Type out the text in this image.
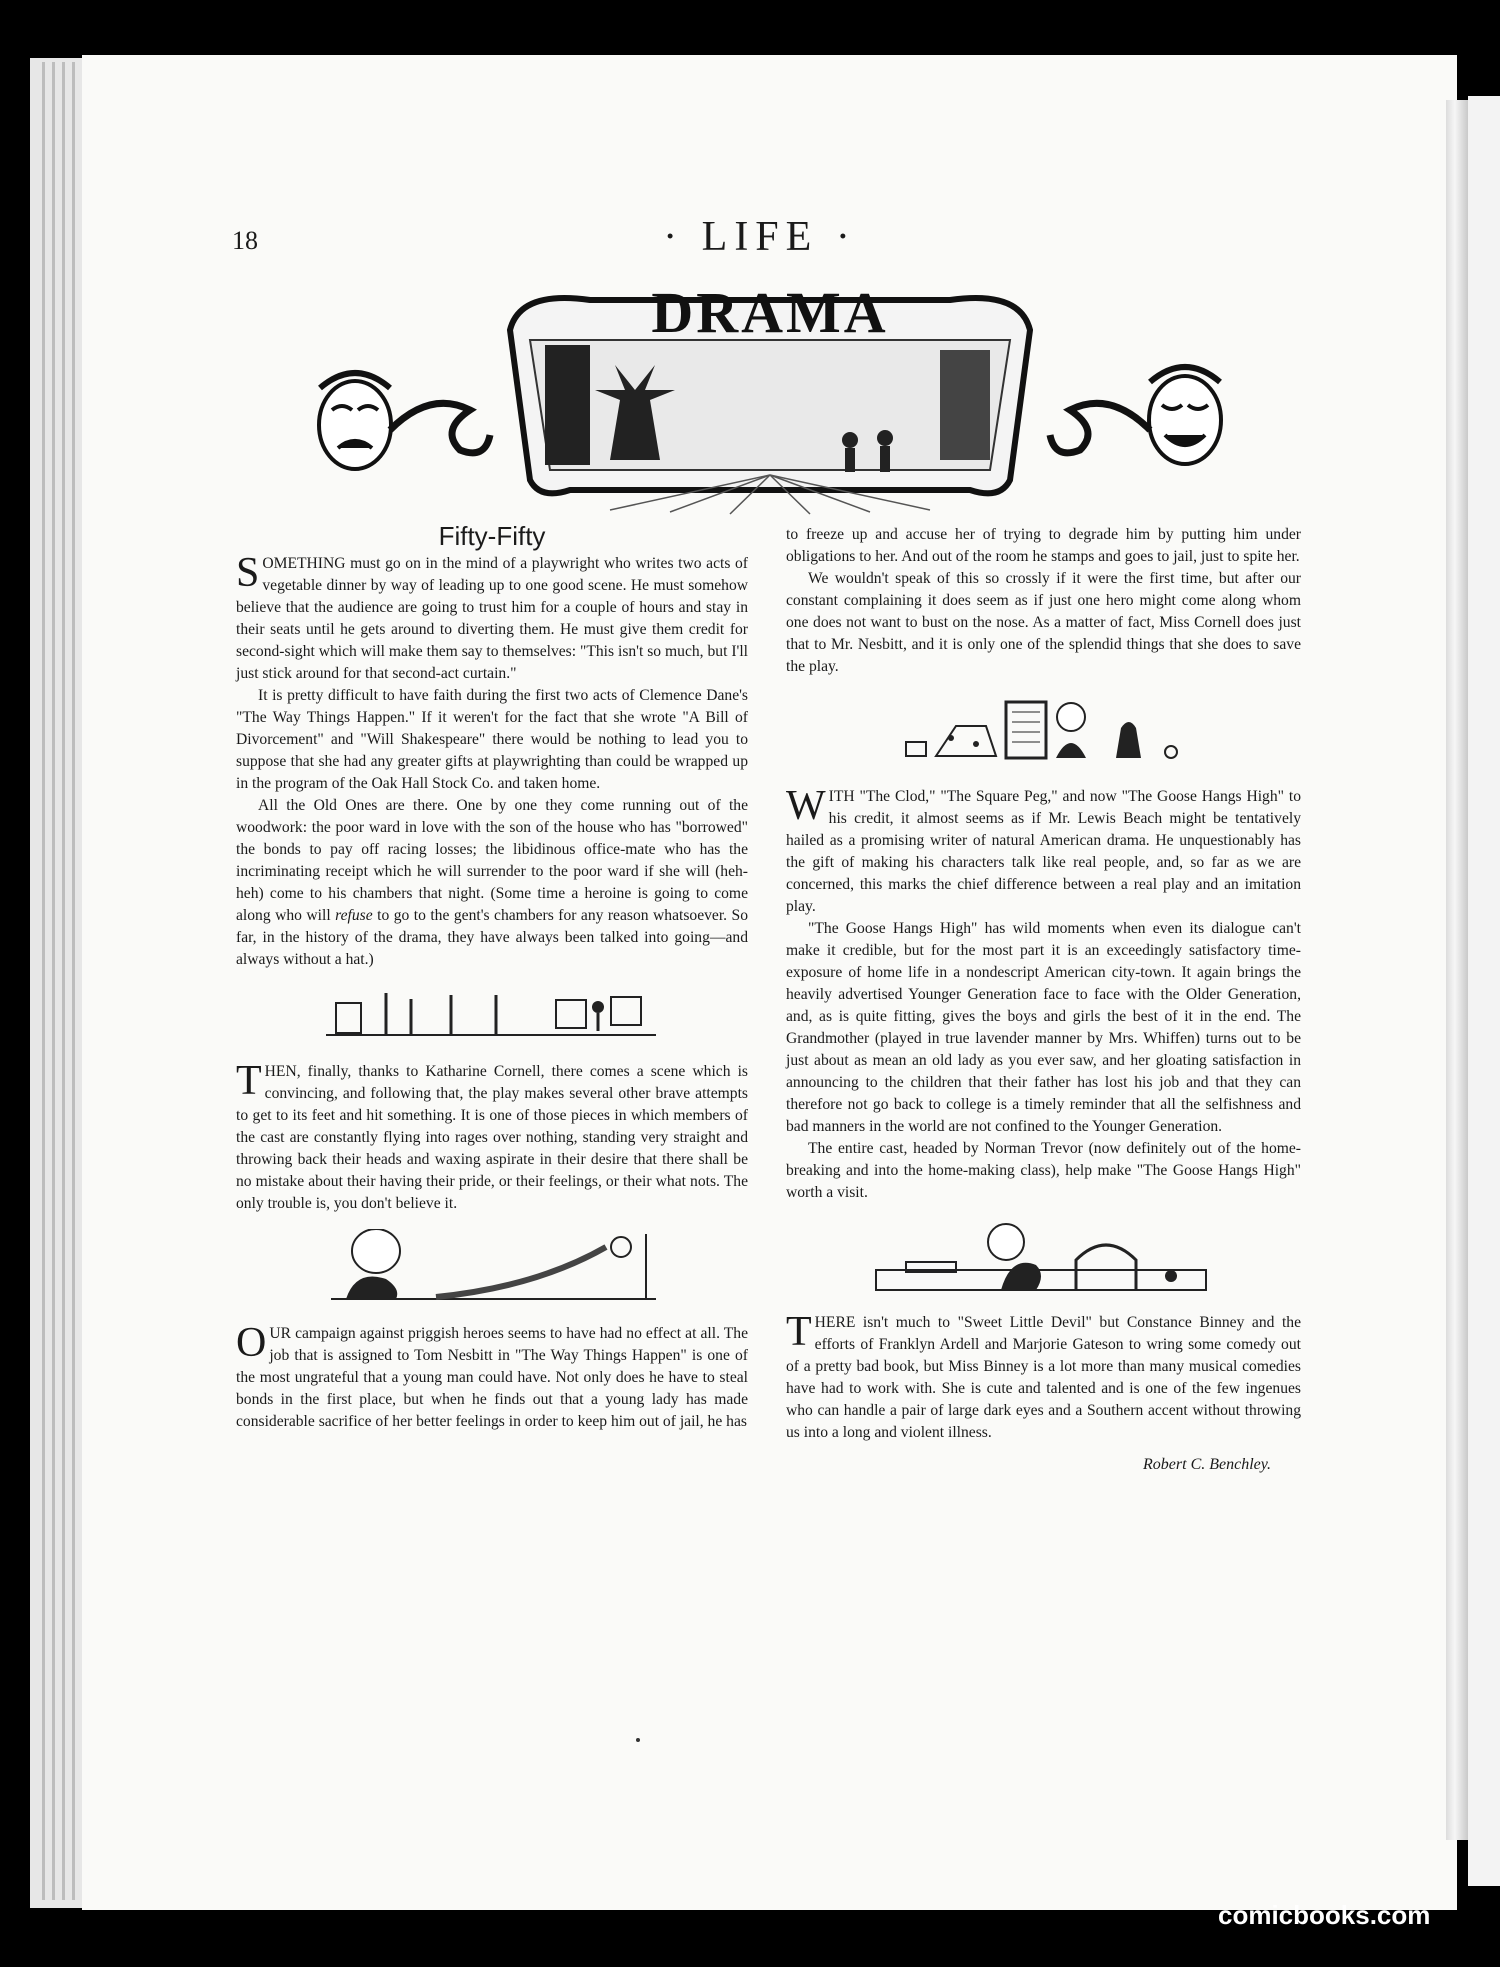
18	· LIFE ·
DRAMA
Fifty-Fifty

SOMETHING must go on in the mind of a playwright who writes two acts of vegetable dinner by way of leading up to one good scene. He must somehow believe that the audience are going to trust him for a couple of hours and stay in their seats until he gets around to diverting them. He must give them credit for second-sight which will make them say to themselves: "This isn't so much, but I'll just stick around for that second-act curtain."

It is pretty difficult to have faith during the first two acts of Clemence Dane's "The Way Things Happen." If it weren't for the fact that she wrote "A Bill of Divorcement" and "Will Shakespeare" there would be nothing to lead you to suppose that she had any greater gifts at playwrighting than could be wrapped up in the program of the Oak Hall Stock Co. and taken home.

All the Old Ones are there. One by one they come running out of the woodwork: the poor ward in love with the son of the house who has "borrowed" the bonds to pay off racing losses; the libidinous office-mate who has the incriminating receipt which he will surrender to the poor ward if she will (heh-heh) come to his chambers that night. (Some time a heroine is going to come along who will refuse to go to the gent's chambers for any reason whatsoever. So far, in the history of the drama, they have always been talked into going—and always without a hat.)

THEN, finally, thanks to Katharine Cornell, there comes a scene which is convincing, and following that, the play makes several other brave attempts to get to its feet and hit something. It is one of those pieces in which members of the cast are constantly flying into rages over nothing, standing very straight and throwing back their heads and waxing aspirate in their desire that there shall be no mistake about their having their pride, or their feelings, or their what nots. The only trouble is, you don't believe it.

OUR campaign against priggish heroes seems to have had no effect at all. The job that is assigned to Tom Nesbitt in "The Way Things Happen" is one of the most ungrateful that a young man could have. Not only does he have to steal bonds in the first place, but when he finds out that a young lady has made considerable sacrifice of her better feelings in order to keep him out of jail, he has

to freeze up and accuse her of trying to degrade him by putting him under obligations to her. And out of the room he stamps and goes to jail, just to spite her.

We wouldn't speak of this so crossly if it were the first time, but after our constant complaining it does seem as if just one hero might come along whom one does not want to bust on the nose. As a matter of fact, Miss Cornell does just that to Mr. Nesbitt, and it is only one of the splendid things that she does to save the play.

WITH "The Clod," "The Square Peg," and now "The Goose Hangs High" to his credit, it almost seems as if Mr. Lewis Beach might be tentatively hailed as a promising writer of natural American drama. He unquestionably has the gift of making his characters talk like real people, and, so far as we are concerned, this marks the chief difference between a real play and an imitation play.

"The Goose Hangs High" has wild moments when even its dialogue can't make it credible, but for the most part it is an exceedingly satisfactory time-exposure of home life in a nondescript American city-town. It again brings the heavily advertised Younger Generation face to face with the Older Generation, and, as is quite fitting, gives the boys and girls the best of it in the end. The Grandmother (played in true lavender manner by Mrs. Whiffen) turns out to be just about as mean an old lady as you ever saw, and her gloating satisfaction in announcing to the children that their father has lost his job and that they can therefore not go back to college is a timely reminder that all the selfishness and bad manners in the world are not confined to the Younger Generation.

The entire cast, headed by Norman Trevor (now definitely out of the home-breaking and into the home-making class), help make "The Goose Hangs High" worth a visit.

THERE isn't much to "Sweet Little Devil" but Constance Binney and the efforts of Franklyn Ardell and Marjorie Gateson to wring some comedy out of a pretty bad book, but Miss Binney is a lot more than many musical comedies have had to work with. She is cute and talented and is one of the few ingenues who can handle a pair of large dark eyes and a Southern accent without throwing us into a long and violent illness.

Robert C. Benchley.

comicbooks.com
